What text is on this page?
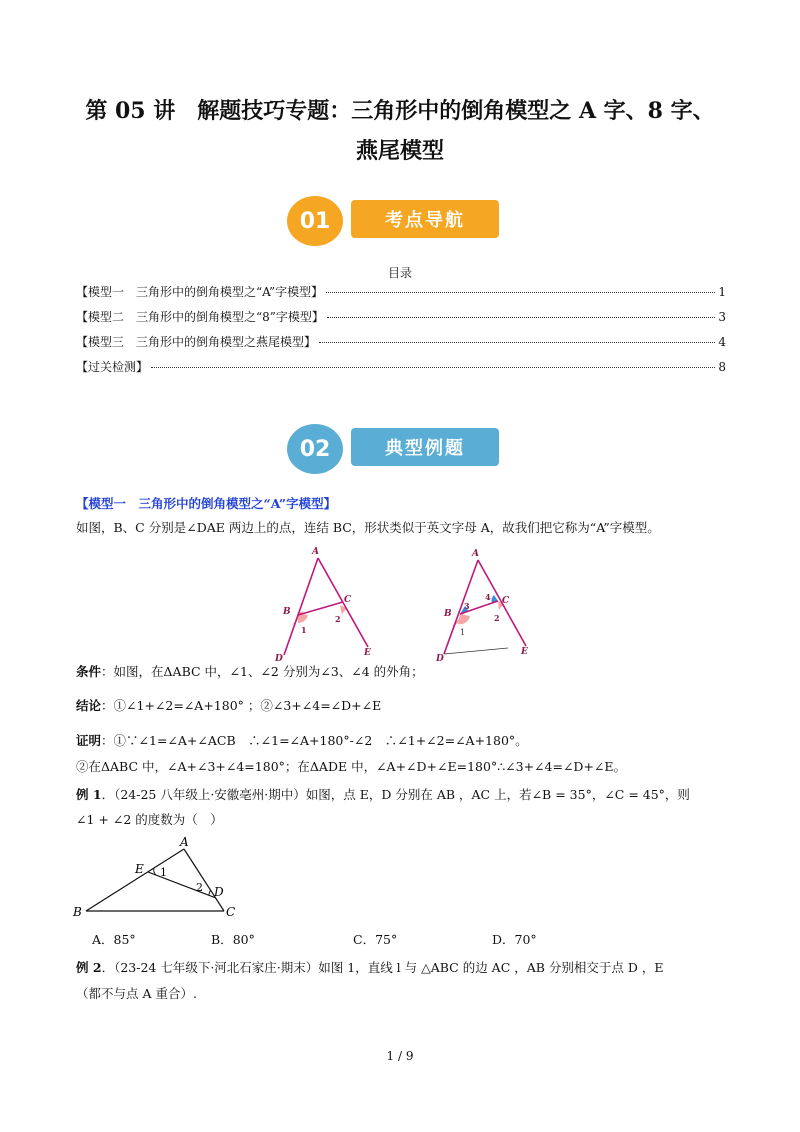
第 05 讲　解题技巧专题：三角形中的倒角模型之 A 字、8 字、
燕尾模型
01	考点导航
目录
【模型一　三角形中的倒角模型之“A”字模型】	1
【模型二　三角形中的倒角模型之“8”字模型】	3
【模型三　三角形中的倒角模型之燕尾模型】	4
【过关检测】	8
02	典型例题
【模型一　三角形中的倒角模型之“A”字模型】
如图，B、C 分别是∠DAE 两边上的点，连结 BC，形状类似于英文字母 A，故我们把它称为“A”字模型。
A
B
C
D
E
1
2
A
B
C
D
E
1
2
3
4
条件：如图，在ΔABC 中，∠1、∠2 分别为∠3、∠4 的外角；
结论：①∠1+∠2=∠A+180° ；②∠3+∠4=∠D+∠E
证明：①∵∠1=∠A+∠ACB　∴∠1=∠A+180°-∠2　∴∠1+∠2=∠A+180°。
②在ΔABC 中，∠A+∠3+∠4=180°；在ΔADE 中，∠A+∠D+∠E=180°∴∠3+∠4=∠D+∠E。
例 1．（24-25 八年级上·安徽亳州·期中）如图，点 E，D 分别在 AB ，AC 上，若∠B = 35°，∠C = 45°，则
∠1 + ∠2 的度数为（　）
A
E 1
2 D
B	C
A．85°	B．80°	C．75°	D．70°
例 2．（23-24 七年级下·河北石家庄·期末）如图 1，直线 l 与 △ABC 的边 AC ，AB 分别相交于点 D ，E
（都不与点 A 重合）.
1 / 9
